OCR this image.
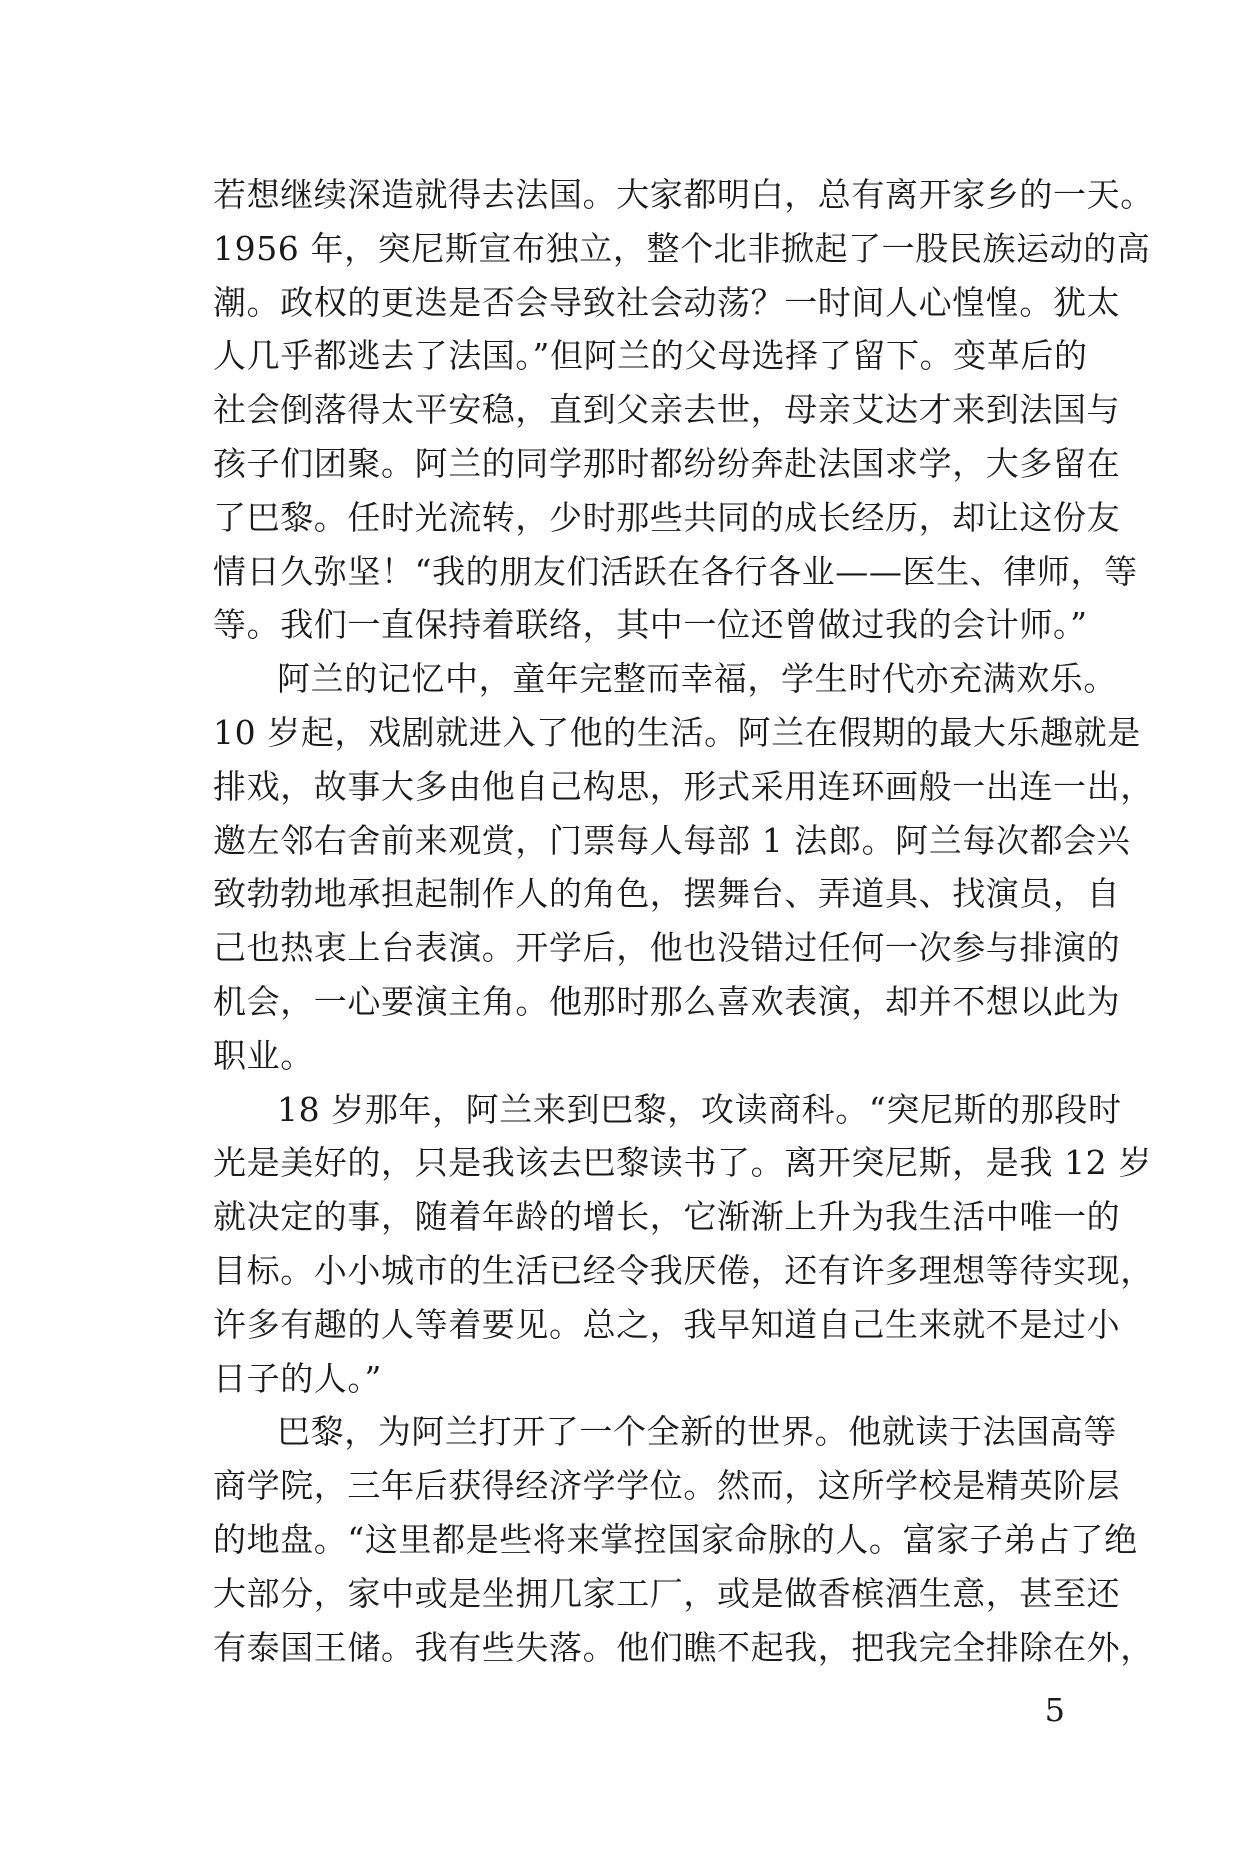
若想继续深造就得去法国。大家都明白，总有离开家乡的一天。
1956 年，突尼斯宣布独立，整个北非掀起了一股民族运动的高
潮。政权的更迭是否会导致社会动荡？一时间人心惶惶。犹太
人几乎都逃去了法国。”但阿兰的父母选择了留下。变革后的
社会倒落得太平安稳，直到父亲去世，母亲艾达才来到法国与
孩子们团聚。阿兰的同学那时都纷纷奔赴法国求学，大多留在
了巴黎。任时光流转，少时那些共同的成长经历，却让这份友
情日久弥坚！“我的朋友们活跃在各行各业——医生、律师，等
等。我们一直保持着联络，其中一位还曾做过我的会计师。”
阿兰的记忆中，童年完整而幸福，学生时代亦充满欢乐。
10 岁起，戏剧就进入了他的生活。阿兰在假期的最大乐趣就是
排戏，故事大多由他自己构思，形式采用连环画般一出连一出，
邀左邻右舍前来观赏，门票每人每部 1 法郎。阿兰每次都会兴
致勃勃地承担起制作人的角色，摆舞台、弄道具、找演员，自
己也热衷上台表演。开学后，他也没错过任何一次参与排演的
机会，一心要演主角。他那时那么喜欢表演，却并不想以此为
职业。
18 岁那年，阿兰来到巴黎，攻读商科。“突尼斯的那段时
光是美好的，只是我该去巴黎读书了。离开突尼斯，是我 12 岁
就决定的事，随着年龄的增长，它渐渐上升为我生活中唯一的
目标。小小城市的生活已经令我厌倦，还有许多理想等待实现，
许多有趣的人等着要见。总之，我早知道自己生来就不是过小
日子的人。”
巴黎，为阿兰打开了一个全新的世界。他就读于法国高等
商学院，三年后获得经济学学位。然而，这所学校是精英阶层
的地盘。“这里都是些将来掌控国家命脉的人。富家子弟占了绝
大部分，家中或是坐拥几家工厂，或是做香槟酒生意，甚至还
有泰国王储。我有些失落。他们瞧不起我，把我完全排除在外，
5
